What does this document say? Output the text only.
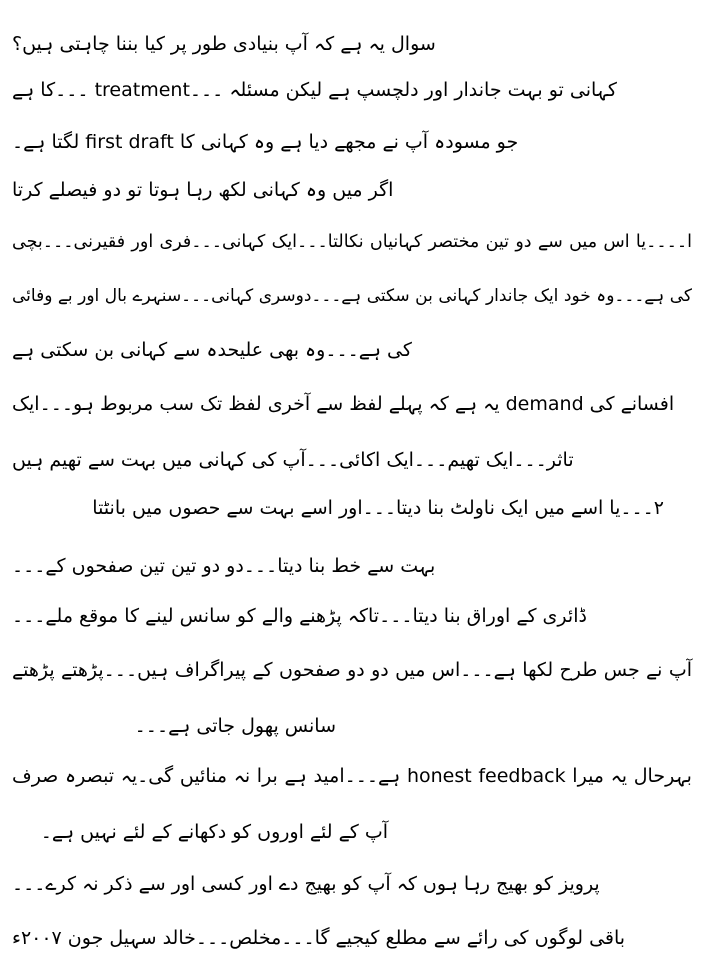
سوال یہ ہے کہ آپ بنیادی طور پر کیا بننا چاہتی ہیں؟
کہانی تو بہت جاندار اور دلچسپ ہے لیکن مسئلہ ۔۔۔treatment ۔۔۔کا ہے
جو مسودہ آپ نے مجھے دیا ہے وہ کہانی کا first draft لگتا ہے۔
اگر میں وہ کہانی لکھ رہا ہوتا تو دو فیصلے کرتا
ا۔۔۔۔یا اس میں سے دو تین مختصر کہانیاں نکالتا۔۔۔ایک کہانی۔۔۔فری اور فقیرنی۔۔۔بچی
کی ہے۔۔۔وہ خود ایک جاندار کہانی بن سکتی ہے۔۔۔دوسری کہانی۔۔۔سنہرے بال اور بے وفائی
کی ہے۔۔۔وہ بھی علیحدہ سے کہانی بن سکتی ہے
افسانے کی demand یہ ہے کہ پہلے لفظ سے آخری لفظ تک سب مربوط ہو۔۔۔ایک
تاثر۔۔۔ایک تھیم۔۔۔ایک اکائی۔۔۔آپ کی کہانی میں بہت سے تھیم ہیں
۲۔۔۔یا اسے میں ایک ناولٹ بنا دیتا۔۔۔اور اسے بہت سے حصوں میں بانٹتا
بہت سے خط بنا دیتا۔۔۔دو دو تین تین صفحوں کے۔۔۔
ڈائری کے اوراق بنا دیتا۔۔۔تاکہ پڑھنے والے کو سانس لینے کا موقع ملے۔۔۔
آپ نے جس طرح لکھا ہے۔۔۔اس میں دو دو صفحوں کے پیراگراف ہیں۔۔۔پڑھتے پڑھتے
سانس پھول جاتی ہے۔۔۔
بہرحال یہ میرا honest feedback ہے۔۔۔امید ہے برا نہ منائیں گی۔یہ تبصرہ صرف
آپ کے لئے اوروں کو دکھانے کے لئے نہیں ہے۔
پرویز کو بھیج رہا ہوں کہ آپ کو بھیج دے اور کسی اور سے ذکر نہ کرے۔۔۔
باقی لوگوں کی رائے سے مطلع کیجیے گا۔۔۔مخلص۔۔۔خالد سہیل جون ۲۰۰۷ء
